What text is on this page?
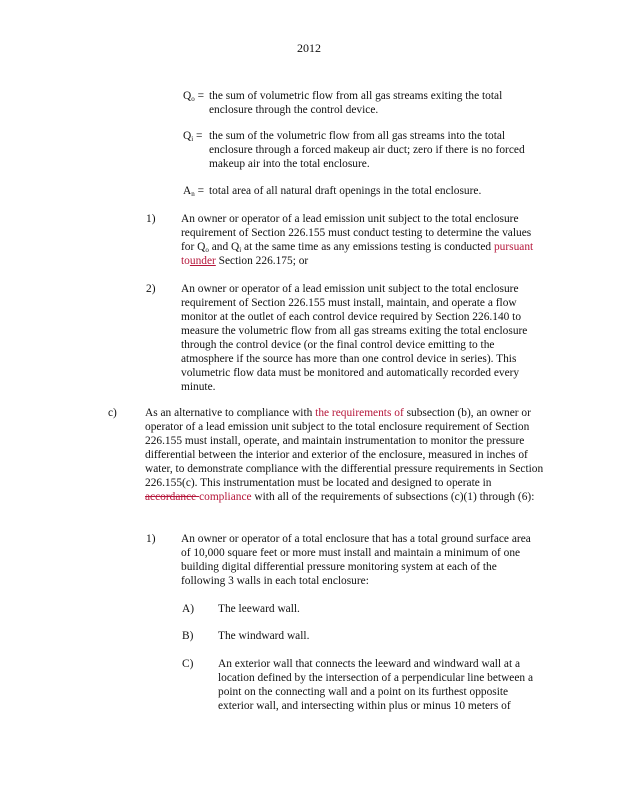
2012
$Q_o$ = the sum of volumetric flow from all gas streams exiting the total enclosure through the control device.

$Q_i$ = the sum of the volumetric flow from all gas streams into the total enclosure through a forced makeup air duct; zero if there is no forced makeup air into the total enclosure.

$A_n$ = total area of all natural draft openings in the total enclosure.

1) An owner or operator of a lead emission unit subject to the total enclosure requirement of Section 226.155 must conduct testing to determine the values for $Q_o$ and $Q_i$ at the same time as any emissions testing is conducted pursuant tounder Section 226.175; or

2) An owner or operator of a lead emission unit subject to the total enclosure requirement of Section 226.155 must install, maintain, and operate a flow monitor at the outlet of each control device required by Section 226.140 to measure the volumetric flow from all gas streams exiting the total enclosure through the control device (or the final control device emitting to the atmosphere if the source has more than one control device in series). This volumetric flow data must be monitored and automatically recorded every minute.

c) As an alternative to compliance with the requirements of subsection (b), an owner or operator of a lead emission unit subject to the total enclosure requirement of Section 226.155 must install, operate, and maintain instrumentation to monitor the pressure differential between the interior and exterior of the enclosure, measured in inches of water, to demonstrate compliance with the differential pressure requirements in Section 226.155(c). This instrumentation must be located and designed to operate in accordance compliance with all of the requirements of subsections (c)(1) through (6):

1) An owner or operator of a total enclosure that has a total ground surface area of 10,000 square feet or more must install and maintain a minimum of one building digital differential pressure monitoring system at each of the following 3 walls in each total enclosure:

A) The leeward wall.

B) The windward wall.

C) An exterior wall that connects the leeward and windward wall at a location defined by the intersection of a perpendicular line between a point on the connecting wall and a point on its furthest opposite exterior wall, and intersecting within plus or minus 10 meters of
